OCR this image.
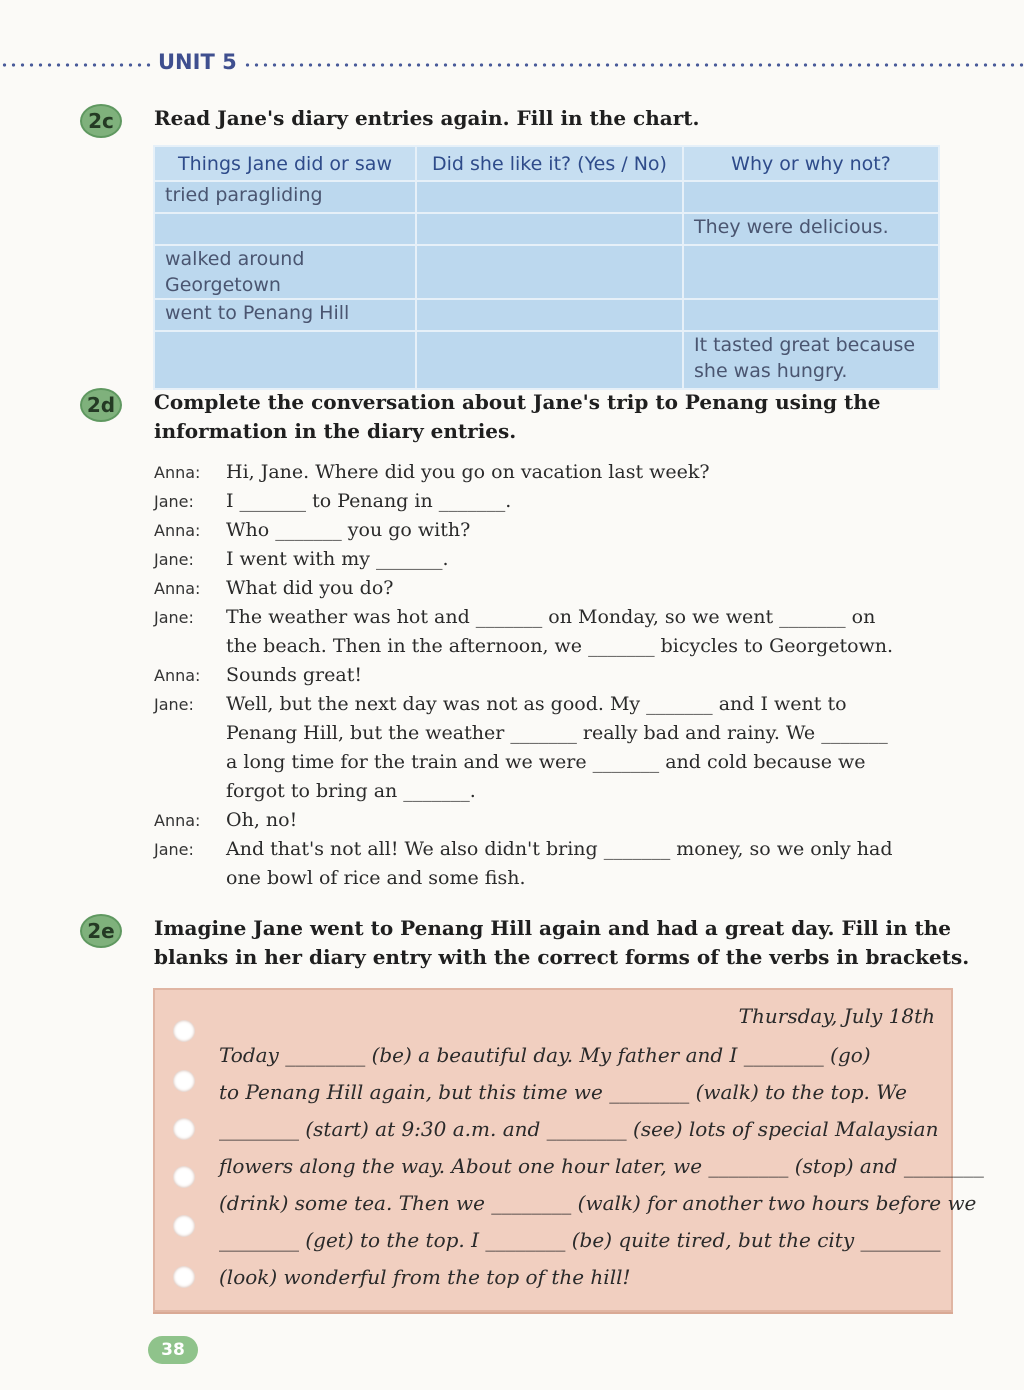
UNIT 5
2c	Read Jane's diary entries again. Fill in the chart.
Things Jane did or saw	Did she like it? (Yes / No)	Why or why not?
tried paragliding		
		They were delicious.
walked around Georgetown		
went to Penang Hill		
		It tasted great because she was hungry.
2d	Complete the conversation about Jane's trip to Penang using the
information in the diary entries.
Anna:	Hi, Jane. Where did you go on vacation last week?
Jane:	I _______ to Penang in _______.
Anna:	Who _______ you go with?
Jane:	I went with my _______.
Anna:	What did you do?
Jane:	The weather was hot and _______ on Monday, so we went _______ on
the beach. Then in the afternoon, we _______ bicycles to Georgetown.
Anna:	Sounds great!
Jane:	Well, but the next day was not as good. My _______ and I went to
Penang Hill, but the weather _______ really bad and rainy. We _______
a long time for the train and we were _______ and cold because we
forgot to bring an _______.
Anna:	Oh, no!
Jane:	And that's not all! We also didn't bring _______ money, so we only had
one bowl of rice and some fish.
2e	Imagine Jane went to Penang Hill again and had a great day. Fill in the
blanks in her diary entry with the correct forms of the verbs in brackets.
Thursday, July 18th
Today ________ (be) a beautiful day. My father and I ________ (go)
to Penang Hill again, but this time we ________ (walk) to the top. We
________ (start) at 9:30 a.m. and ________ (see) lots of special Malaysian
flowers along the way. About one hour later, we ________ (stop) and ________
(drink) some tea. Then we ________ (walk) for another two hours before we
________ (get) to the top. I ________ (be) quite tired, but the city ________
(look) wonderful from the top of the hill!
38
